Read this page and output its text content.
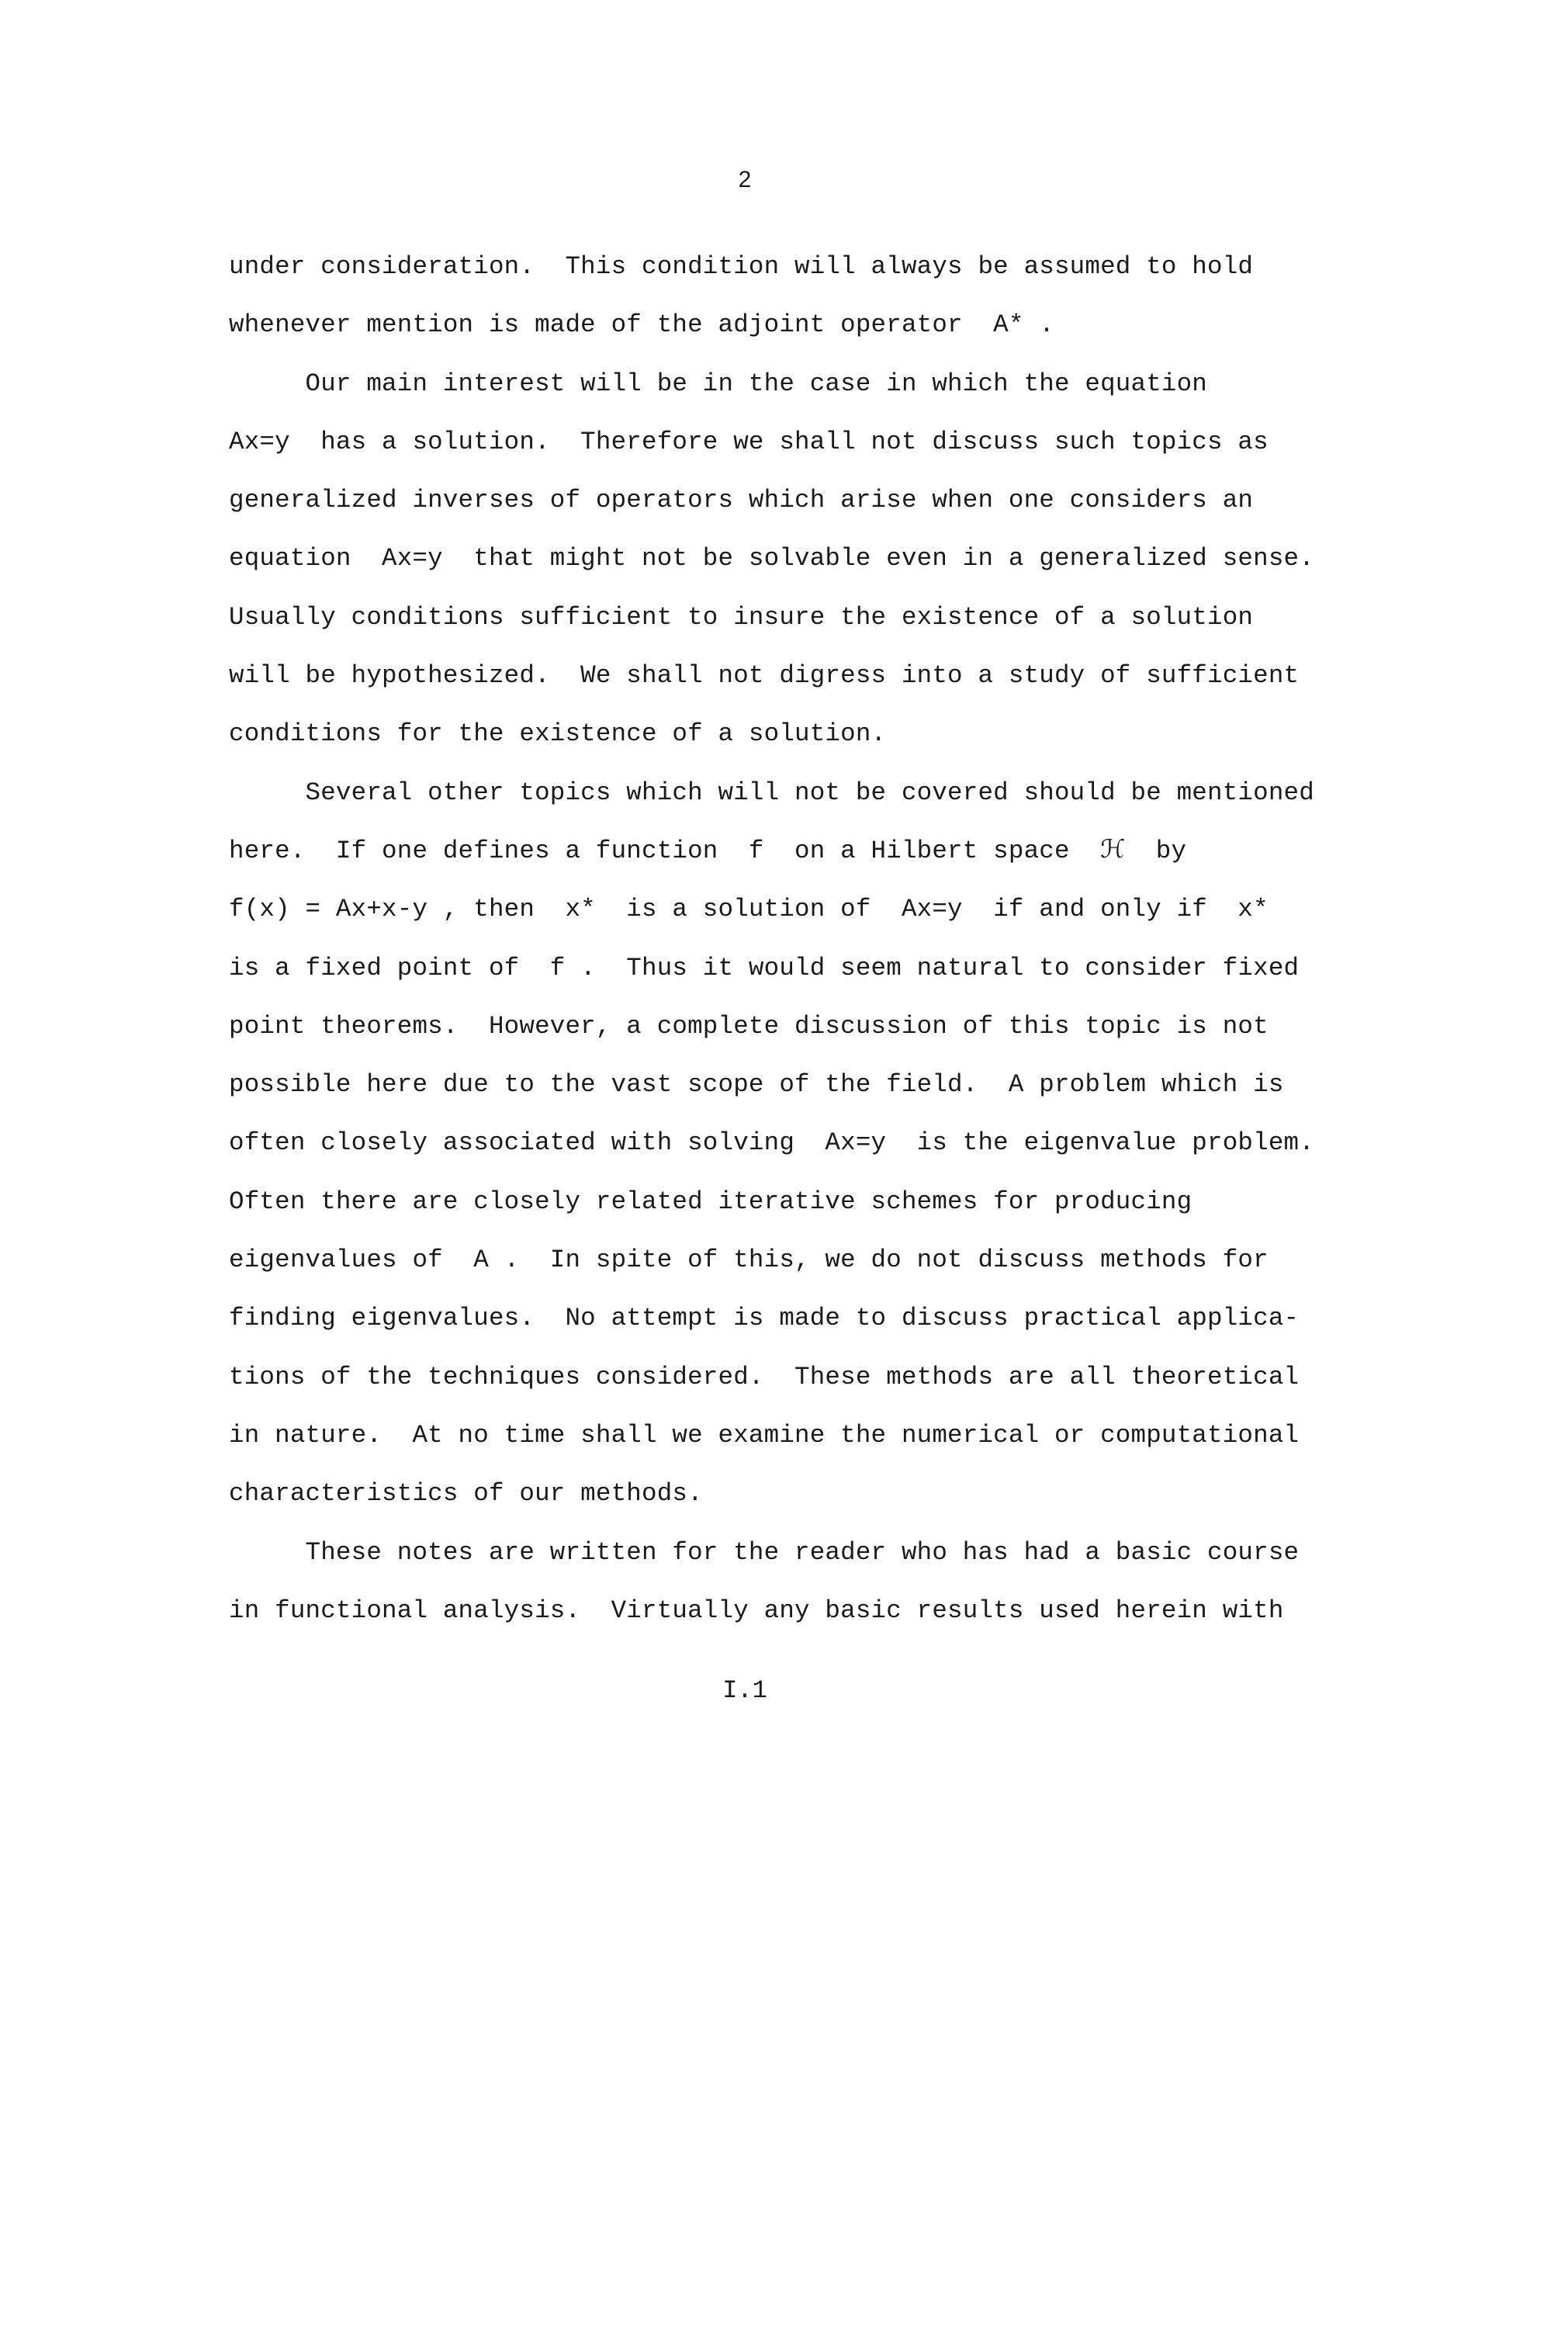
2
under consideration.  This condition will always be assumed to hold
whenever mention is made of the adjoint operator  A* .
Our main interest will be in the case in which the equation
Ax=y  has a solution.  Therefore we shall not discuss such topics as
generalized inverses of operators which arise when one considers an
equation  Ax=y  that might not be solvable even in a generalized sense.
Usually conditions sufficient to insure the existence of a solution
will be hypothesized.  We shall not digress into a study of sufficient
conditions for the existence of a solution.
Several other topics which will not be covered should be mentioned
here.  If one defines a function  f  on a Hilbert space  ℋ  by
f(x) = Ax+x-y , then  x*  is a solution of  Ax=y  if and only if  x*
is a fixed point of  f .  Thus it would seem natural to consider fixed
point theorems.  However, a complete discussion of this topic is not
possible here due to the vast scope of the field.  A problem which is
often closely associated with solving  Ax=y  is the eigenvalue problem.
Often there are closely related iterative schemes for producing
eigenvalues of  A .  In spite of this, we do not discuss methods for
finding eigenvalues.  No attempt is made to discuss practical applica-
tions of the techniques considered.  These methods are all theoretical
in nature.  At no time shall we examine the numerical or computational
characteristics of our methods.
These notes are written for the reader who has had a basic course
in functional analysis.  Virtually any basic results used herein with
I.1
